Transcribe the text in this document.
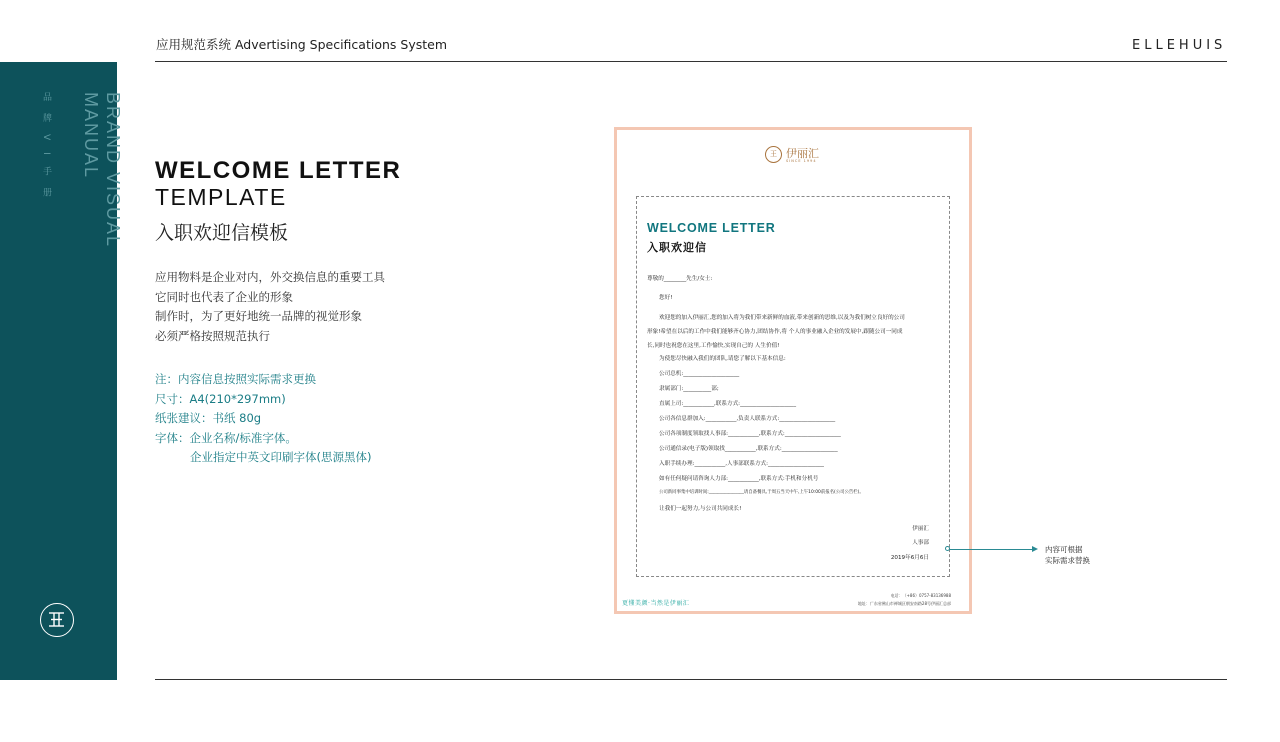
应用规范系统 Advertising Specifications System	ELLEHUIS
BRAND VISUAL
MANUAL
品牌VI手册	WELCOME LETTER
TEMPLATE
入职欢迎信模板
应用物料是企业对内，外交换信息的重要工具
它同时也代表了企业的形象
制作时，为了更好地统一品牌的视觉形象
必须严格按照规范执行
注：内容信息按照实际需求更换
尺寸：A4(210*297mm)
纸张建议：书纸 80g
字体：企业名称/标准字体。
企业指定中英文印刷字体(思源黑体)
王 伊丽汇
SINCE 1994
WELCOME LETTER
入职欢迎信
尊敬的________先生/女士:
您好!
欢迎您的加入伊丽汇,您的加入将为我们带来新鲜的血液,带来创新的思维,以及为我们树立良好的公司
形象!希望在以后的工作中我们能够齐心协力,团结协作,将 个人的事业融入企业的发展中,跟随公司一同成
长,同时也祝您在这里,工作愉快,实现自己的 人生价值!
为使您尽快融入我们的团队,请您了解以下基本信息:
公司总机:____________________
隶属部门:__________部;
直属上司:___________,联系方式:____________________
公司各信息群加入:___________,负责人联系方式:____________________
公司各项制度领取找人事部:___________,联系方式:____________________
公司通信录(电子版)领取找___________,联系方式:____________________
入职手续办理:___________,人事部联系方式:____________________
如有任何疑问请咨询人力部:___________,联系方式:手机和分机号
公司新同事集中培训时间:________________请自备餐具,于周五当天中午,上午10:00前报名(公司公告栏)。
让我们一起努力,与公司共同成长!
伊丽汇
人事部
2019年6月6日
更懂美颜·当然是伊丽汇
电话：（+86）0757-83136988
地址：广东省佛山市禅城区朝安南路28号伊丽汇总部
内容可根据
实际需求替换
